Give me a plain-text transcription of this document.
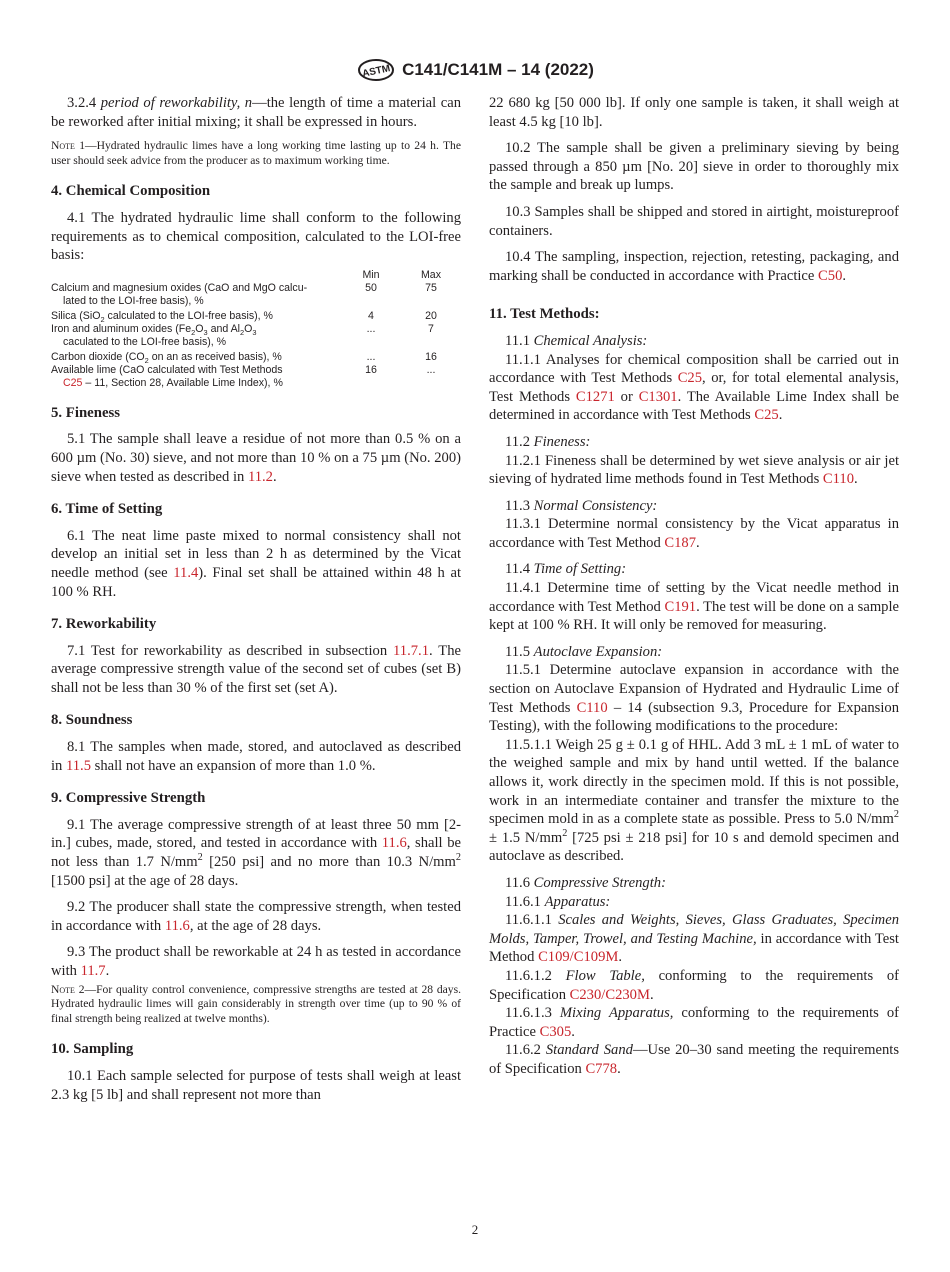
ASTM C141/C141M – 14 (2022)

3.2.4 period of reworkability, n—the length of time a material can be reworked after initial mixing; it shall be expressed in hours.

Note 1—Hydrated hydraulic limes have a long working time lasting up to 24 h. The user should seek advice from the producer as to maximum working time.

4. Chemical Composition

4.1 The hydrated hydraulic lime shall conform to the following requirements as to chemical composition, calculated to the LOI-free basis:

	Min	Max
Calcium and magnesium oxides (CaO and MgO calcu-
lated to the LOI-free basis), %	50	75
Silica (SiO$_2$ calculated to the LOI-free basis), %	4	20
Iron and aluminum oxides ($Fe_2O_3$ and $Al_2O_3$
caculated to the LOI-free basis), %	...	7
Carbon dioxide ($CO_2$ on an as received basis), %	...	16
Available lime (CaO calculated with Test Methods
C25 – 11, Section 28, Available Lime Index), %	16	...
5. Fineness

5.1 The sample shall leave a residue of not more than 0.5 % on a 600 µm (No. 30) sieve, and not more than 10 % on a 75 µm (No. 200) sieve when tested as described in 11.2.

6. Time of Setting

6.1 The neat lime paste mixed to normal consistency shall not develop an initial set in less than 2 h as determined by the Vicat needle method (see 11.4). Final set shall be attained within 48 h at 100 % RH.

7. Reworkability

7.1 Test for reworkability as described in subsection 11.7.1. The average compressive strength value of the second set of cubes (set B) shall not be less than 30 % of the first set (set A).

8. Soundness

8.1 The samples when made, stored, and autoclaved as described in 11.5 shall not have an expansion of more than 1.0 %.

9. Compressive Strength

9.1 The average compressive strength of at least three 50 mm [2-in.] cubes, made, stored, and tested in accordance with 11.6, shall be not less than 1.7 $N/mm^2$ [250 psi] and no more than 10.3 $N/mm^2$ [1500 psi] at the age of 28 days.

9.2 The producer shall state the compressive strength, when tested in accordance with 11.6, at the age of 28 days.

9.3 The product shall be reworkable at 24 h as tested in accordance with 11.7.

Note 2—For quality control convenience, compressive strengths are tested at 28 days. Hydrated hydraulic limes will gain considerably in strength over time (up to 90 % of final strength being realized at twelve months).

10. Sampling

10.1 Each sample selected for purpose of tests shall weigh at least 2.3 kg [5 lb] and shall represent not more than

22 680 kg [50 000 lb]. If only one sample is taken, it shall weigh at least 4.5 kg [10 lb].

10.2 The sample shall be given a preliminary sieving by being passed through a 850 µm [No. 20] sieve in order to thoroughly mix the sample and break up lumps.

10.3 Samples shall be shipped and stored in airtight, moistureproof containers.

10.4 The sampling, inspection, rejection, retesting, packaging, and marking shall be conducted in accordance with Practice C50.

11. Test Methods:

11.1 Chemical Analysis:

11.1.1 Analyses for chemical composition shall be carried out in accordance with Test Methods C25, or, for total elemental analysis, Test Methods C1271 or C1301. The Available Lime Index shall be determined in accordance with Test Methods C25.

11.2 Fineness:

11.2.1 Fineness shall be determined by wet sieve analysis or air jet sieving of hydrated lime methods found in Test Methods C110.

11.3 Normal Consistency:

11.3.1 Determine normal consistency by the Vicat apparatus in accordance with Test Method C187.

11.4 Time of Setting:

11.4.1 Determine time of setting by the Vicat needle method in accordance with Test Method C191. The test will be done on a sample kept at 100 % RH. It will only be removed for measuring.

11.5 Autoclave Expansion:

11.5.1 Determine autoclave expansion in accordance with the section on Autoclave Expansion of Hydrated and Hydraulic Lime of Test Methods C110 – 14 (subsection 9.3, Procedure for Expansion Testing), with the following modifications to the procedure:

11.5.1.1 Weigh 25 g ± 0.1 g of HHL. Add 3 mL ± 1 mL of water to the weighed sample and mix by hand until wetted. If the balance allows it, work directly in the specimen mold. If this is not possible, work in an intermediate container and transfer the mixture to the specimen mold in as a complete state as possible. Press to 5.0 $N/mm^2 \pm 1.5$ $N/mm^2$ [725 psi ± 218 psi] for 10 s and demold specimen and autoclave as described.

11.6 Compressive Strength:

11.6.1 Apparatus:

11.6.1.1 Scales and Weights, Sieves, Glass Graduates, Specimen Molds, Tamper, Trowel, and Testing Machine, in accordance with Test Method C109/C109M.

11.6.1.2 Flow Table, conforming to the requirements of Specification C230/C230M.

11.6.1.3 Mixing Apparatus, conforming to the requirements of Practice C305.

11.6.2 Standard Sand—Use 20–30 sand meeting the requirements of Specification C778.

2
